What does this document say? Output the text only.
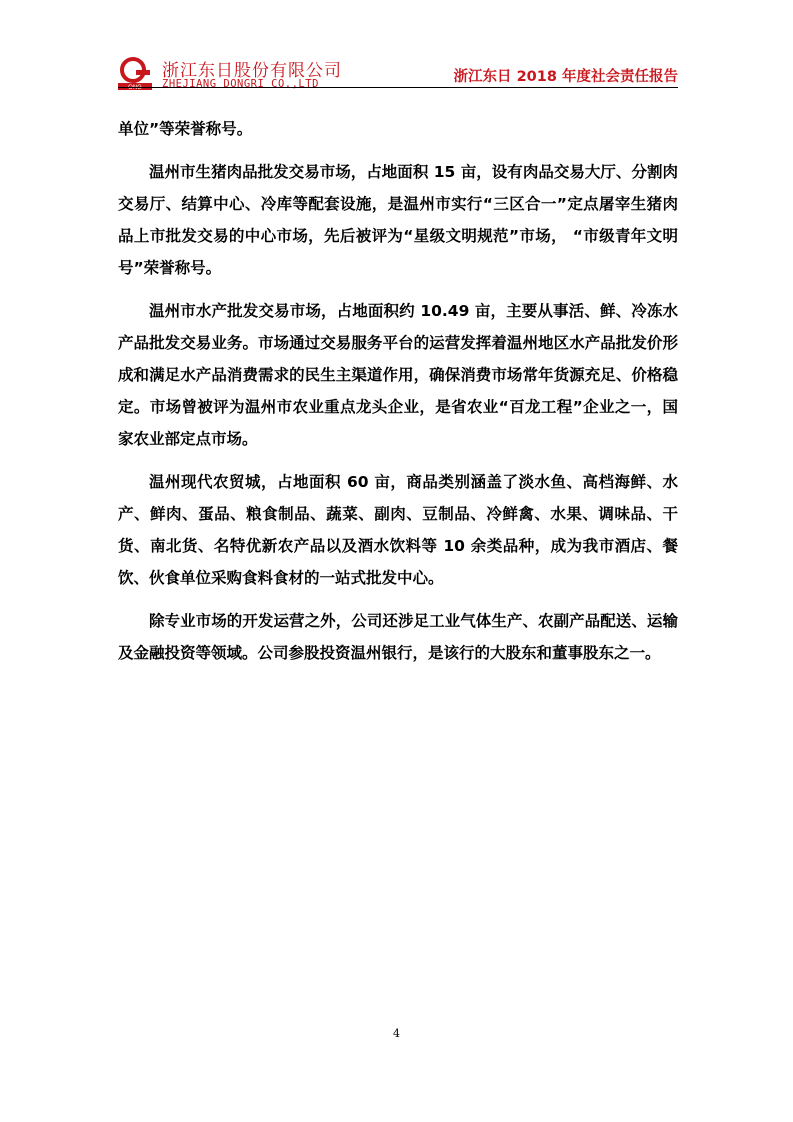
ONG
浙江东日股份有限公司
ZHEJIANG DONGRI CO.,LTD	浙江东日 2018 年度社会责任报告

单位”等荣誉称号。

温州市生猪肉品批发交易市场，占地面积 15 亩，设有肉品交易大厅、分割肉交易厅、结算中心、冷库等配套设施，是温州市实行“三区合一”定点屠宰生猪肉品上市批发交易的中心市场，先后被评为“星级文明规范”市场， “市级青年文明号”荣誉称号。

温州市水产批发交易市场，占地面积约 10.49 亩，主要从事活、鲜、冷冻水产品批发交易业务。市场通过交易服务平台的运营发挥着温州地区水产品批发价形成和满足水产品消费需求的民生主渠道作用，确保消费市场常年货源充足、价格稳定。市场曾被评为温州市农业重点龙头企业，是省农业“百龙工程”企业之一，国家农业部定点市场。

温州现代农贸城，占地面积 60 亩，商品类别涵盖了淡水鱼、高档海鲜、水产、鲜肉、蛋品、粮食制品、蔬菜、副肉、豆制品、冷鲜禽、水果、调味品、干货、南北货、名特优新农产品以及酒水饮料等 10 余类品种，成为我市酒店、餐饮、伙食单位采购食料食材的一站式批发中心。

除专业市场的开发运营之外，公司还涉足工业气体生产、农副产品配送、运输及金融投资等领域。公司参股投资温州银行，是该行的大股东和董事股东之一。

4
